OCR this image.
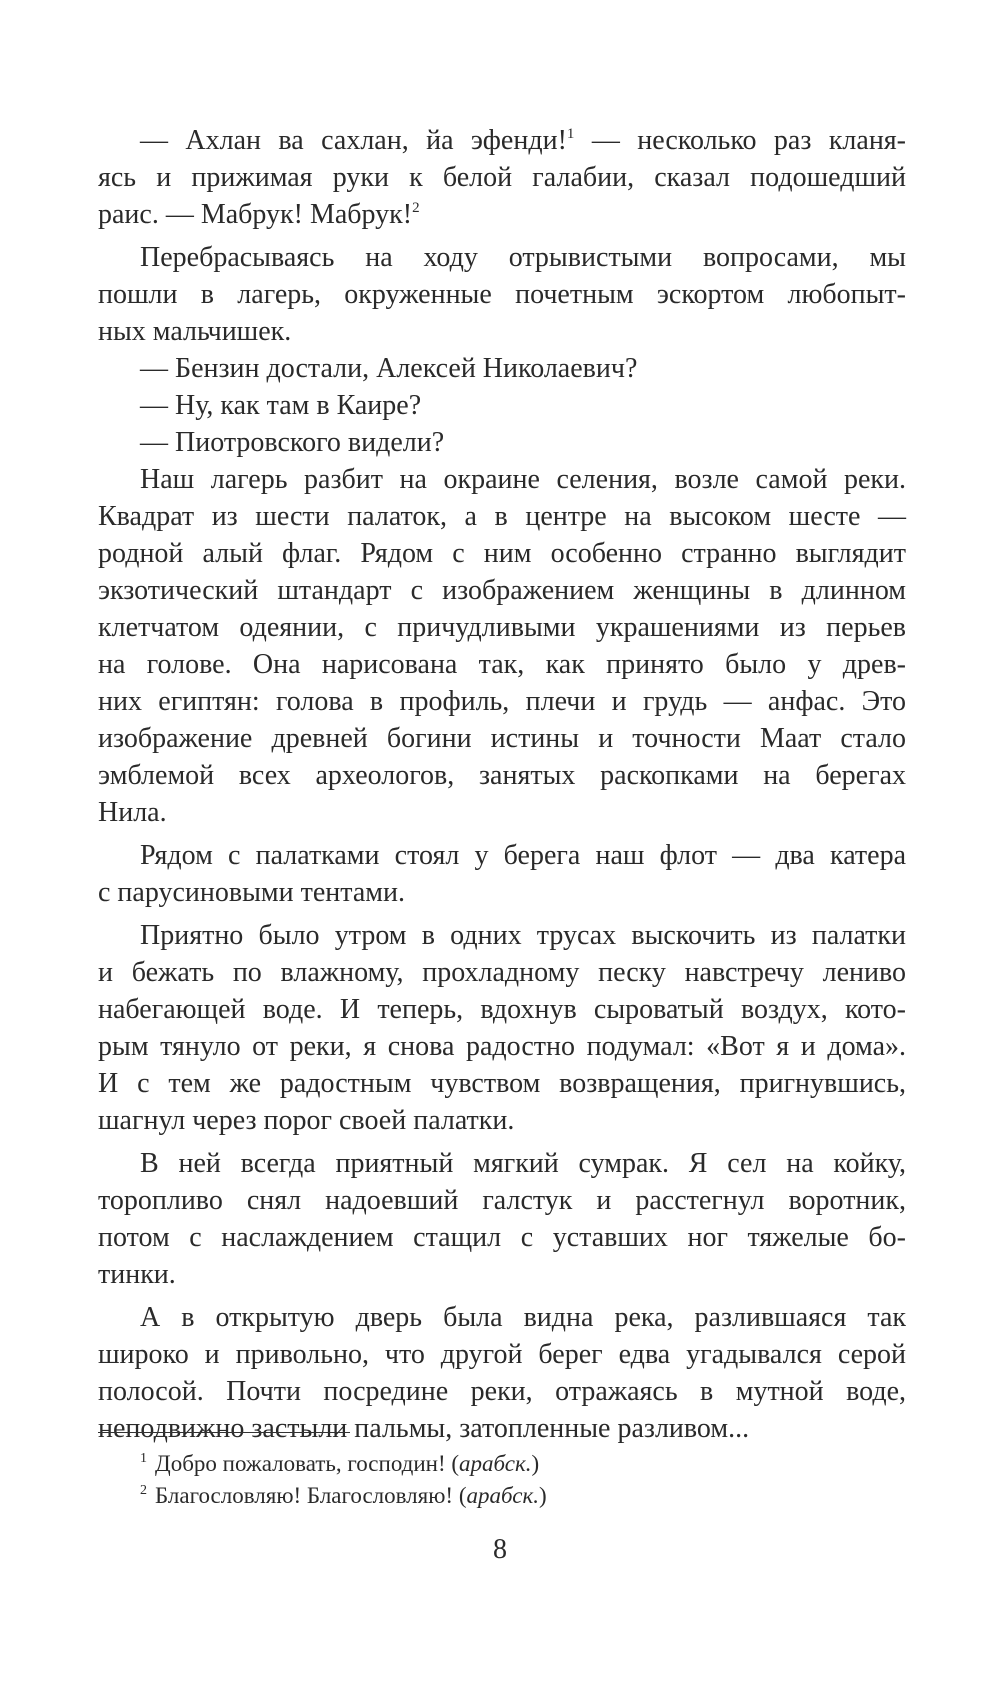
— Ахлан ва сахлан, йа эфенди!$^1$ — несколько раз кланя-
ясь и прижимая руки к белой галабии, сказал подошедший
раис. — Мабрук! Мабрук!$^2$
Перебрасываясь на ходу отрывистыми вопросами, мы
пошли в лагерь, окруженные почетным эскортом любопыт-
ных мальчишек.
— Бензин достали, Алексей Николаевич?
— Ну, как там в Каире?
— Пиотровского видели?
Наш лагерь разбит на окраине селения, возле самой реки.
Квадрат из шести палаток, а в центре на высоком шесте —
родной алый флаг. Рядом с ним особенно странно выглядит
экзотический штандарт с изображением женщины в длинном
клетчатом одеянии, с причудливыми украшениями из перьев
на голове. Она нарисована так, как принято было у древ-
них египтян: голова в профиль, плечи и грудь — анфас. Это
изображение древней богини истины и точности Маат стало
эмблемой всех археологов, занятых раскопками на берегах
Нила.
Рядом с палатками стоял у берега наш флот — два катера
с парусиновыми тентами.
Приятно было утром в одних трусах выскочить из палатки
и бежать по влажному, прохладному песку навстречу лениво
набегающей воде. И теперь, вдохнув сыроватый воздух, кото-
рым тянуло от реки, я снова радостно подумал: «Вот я и дома».
И с тем же радостным чувством возвращения, пригнувшись,
шагнул через порог своей палатки.
В ней всегда приятный мягкий сумрак. Я сел на койку,
торопливо снял надоевший галстук и расстегнул воротник,
потом с наслаждением стащил с уставших ног тяжелые бо-
тинки.
А в открытую дверь была видна река, разлившаяся так
широко и привольно, что другой берег едва угадывался серой
полосой. Почти посредине реки, отражаясь в мутной воде,
неподвижно застыли пальмы, затопленные разливом...
$^1$ Добро пожаловать, господин! (арабск.)
$^2$ Благословляю! Благословляю! (арабск.)
8
